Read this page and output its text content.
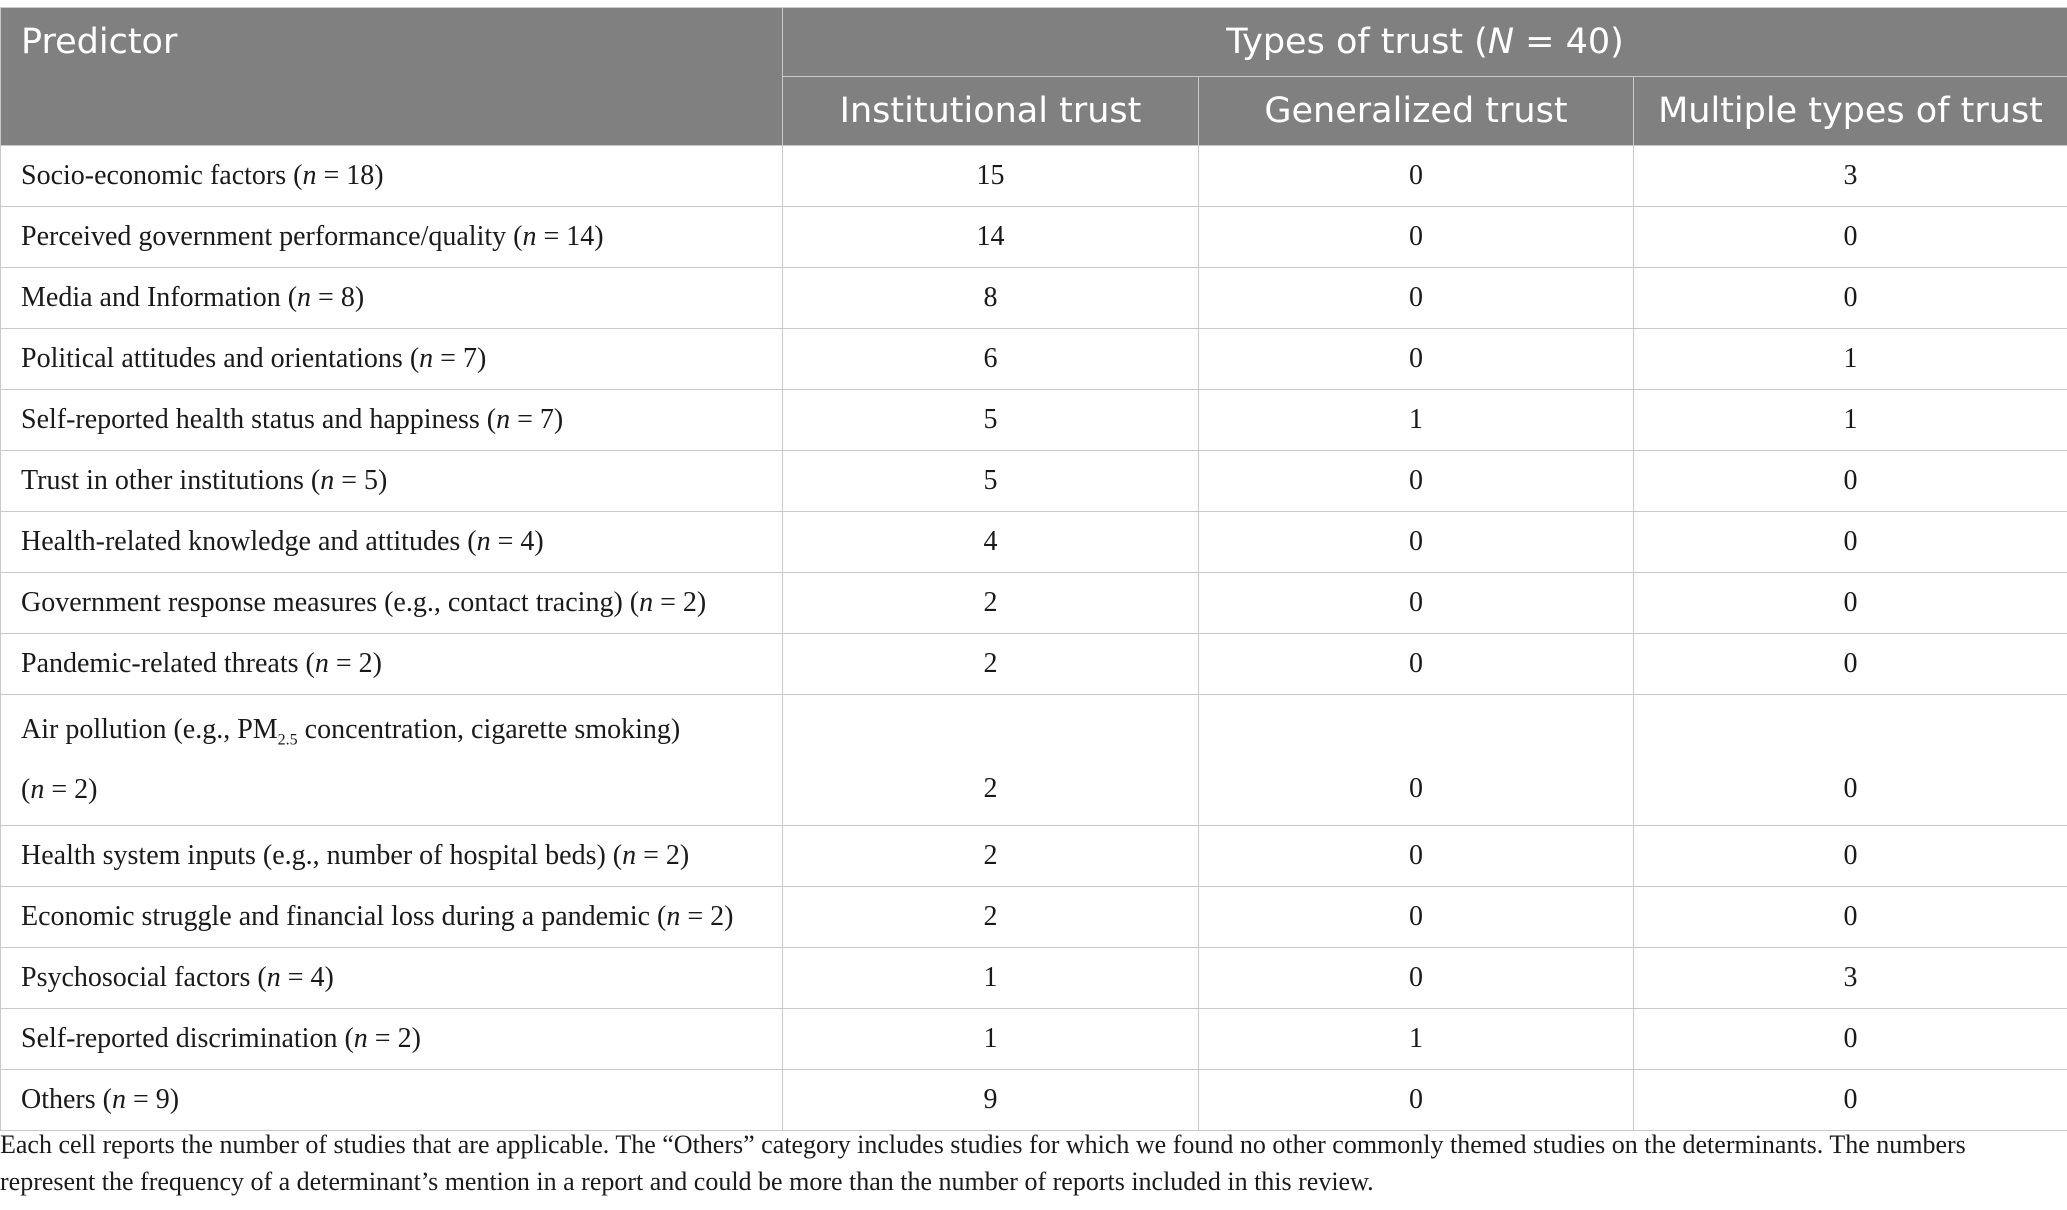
Predictor	Types of trust (N = 40)		
	Institutional trust	Generalized trust	Multiple types of trust
Socio-economic factors (n = 18)	15	0	3
Perceived government performance/quality (n = 14)	14	0	0
Media and Information (n = 8)	8	0	0
Political attitudes and orientations (n = 7)	6	0	1
Self-reported health status and happiness (n = 7)	5	1	1
Trust in other institutions (n = 5)	5	0	0
Health-related knowledge and attitudes (n = 4)	4	0	0
Government response measures (e.g., contact tracing) (n = 2)	2	0	0
Pandemic-related threats (n = 2)	2	0	0
Air pollution (e.g., $PM_{2.5}$ concentration, cigarette smoking)
(n = 2)	2	0	0
Health system inputs (e.g., number of hospital beds) (n = 2)	2	0	0
Economic struggle and financial loss during a pandemic (n = 2)	2	0	0
Psychosocial factors (n = 4)	1	0	3
Self-reported discrimination (n = 2)	1	1	0
Others (n = 9)	9	0	0
Each cell reports the number of studies that are applicable. The “Others” category includes studies for which we found no other commonly themed studies on the determinants. The numbers represent the frequency of a determinant’s mention in a report and could be more than the number of reports included in this review.
